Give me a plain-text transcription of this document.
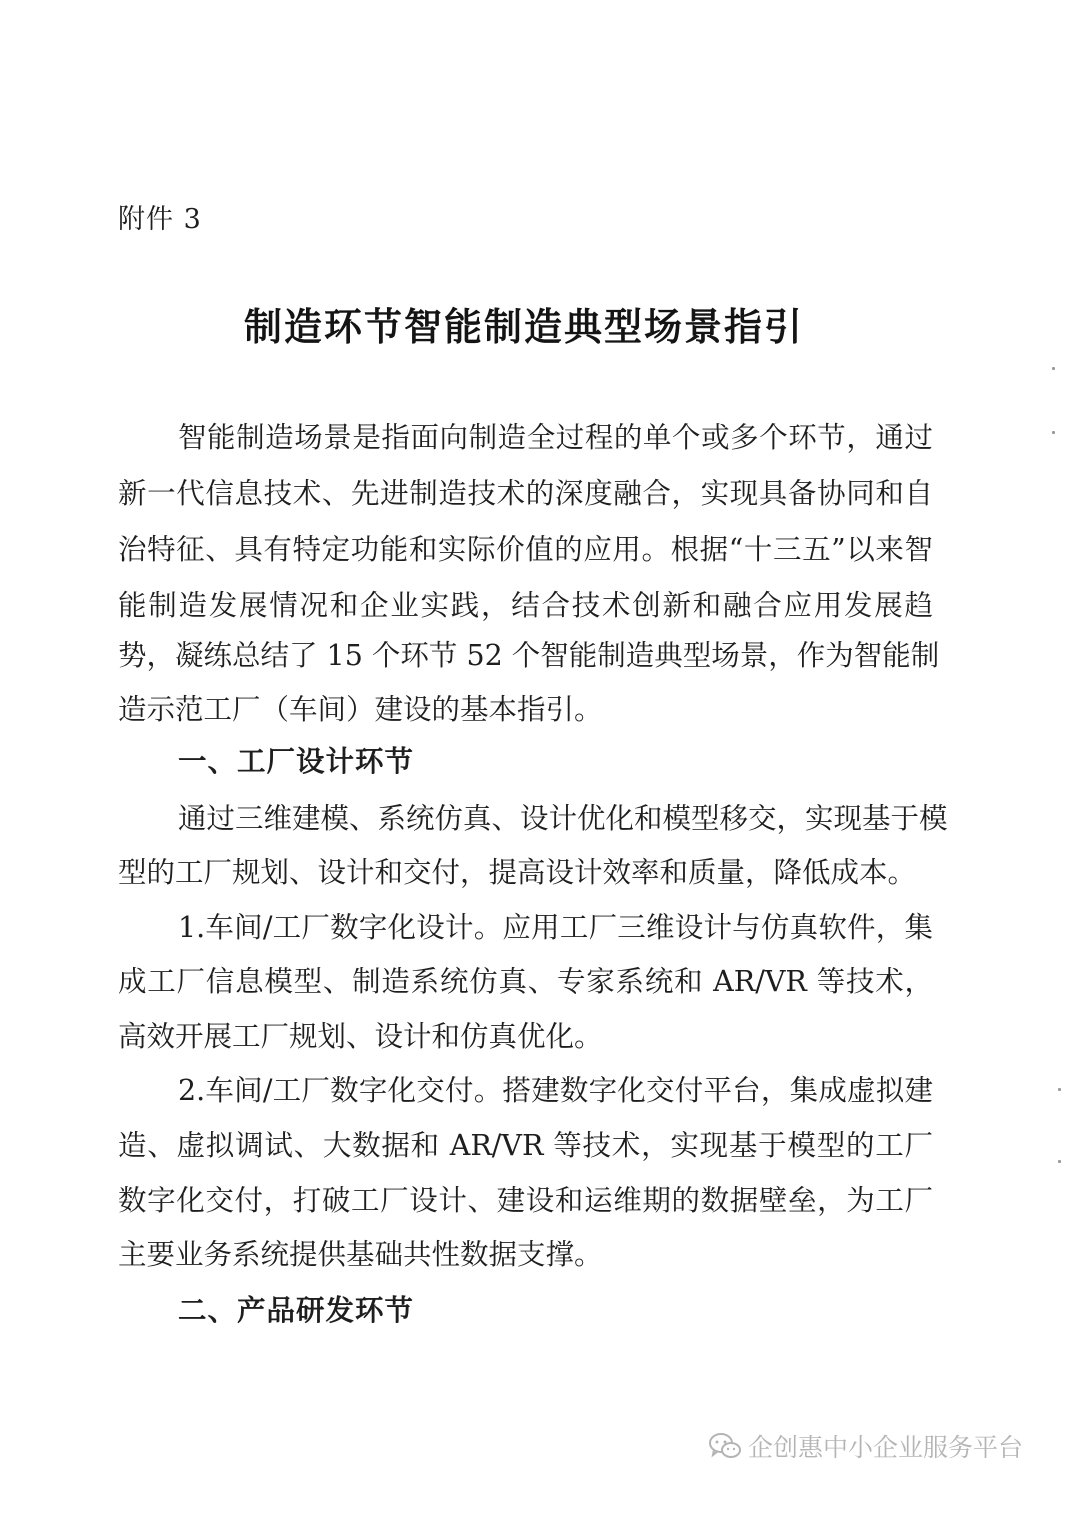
附件 3
制造环节智能制造典型场景指引
智能制造场景是指面向制造全过程的单个或多个环节，通过
新一代信息技术、先进制造技术的深度融合，实现具备协同和自
治特征、具有特定功能和实际价值的应用。根据“十三五”以来智
能制造发展情况和企业实践，结合技术创新和融合应用发展趋
势，凝练总结了 15 个环节 52 个智能制造典型场景，作为智能制
造示范工厂（车间）建设的基本指引。
一、工厂设计环节
通过三维建模、系统仿真、设计优化和模型移交，实现基于模
型的工厂规划、设计和交付，提高设计效率和质量，降低成本。
1.车间/工厂数字化设计。应用工厂三维设计与仿真软件，集
成工厂信息模型、制造系统仿真、专家系统和 AR/VR 等技术，
高效开展工厂规划、设计和仿真优化。
2.车间/工厂数字化交付。搭建数字化交付平台，集成虚拟建
造、虚拟调试、大数据和 AR/VR 等技术，实现基于模型的工厂
数字化交付，打破工厂设计、建设和运维期的数据壁垒，为工厂
主要业务系统提供基础共性数据支撑。
二、产品研发环节
企创惠中小企业服务平台
